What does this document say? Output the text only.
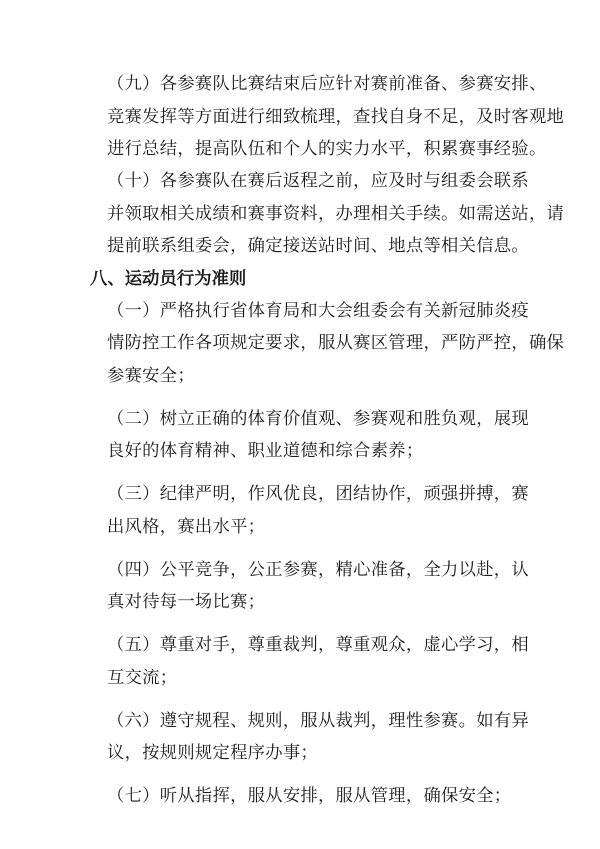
（九）各参赛队比赛结束后应针对赛前准备、参赛安排、
竞赛发挥等方面进行细致梳理，查找自身不足，及时客观地
进行总结，提高队伍和个人的实力水平，积累赛事经验。
（十）各参赛队在赛后返程之前，应及时与组委会联系
并领取相关成绩和赛事资料，办理相关手续。如需送站，请
提前联系组委会，确定接送站时间、地点等相关信息。
八、运动员行为准则
（一）严格执行省体育局和大会组委会有关新冠肺炎疫
情防控工作各项规定要求，服从赛区管理，严防严控，确保
参赛安全；
（二）树立正确的体育价值观、参赛观和胜负观，展现
良好的体育精神、职业道德和综合素养；
（三）纪律严明，作风优良，团结协作，顽强拼搏，赛
出风格，赛出水平；
（四）公平竞争，公正参赛，精心准备，全力以赴，认
真对待每一场比赛；
（五）尊重对手，尊重裁判，尊重观众，虚心学习，相
互交流；
（六）遵守规程、规则，服从裁判，理性参赛。如有异
议，按规则规定程序办事；
（七）听从指挥，服从安排，服从管理，确保安全；
